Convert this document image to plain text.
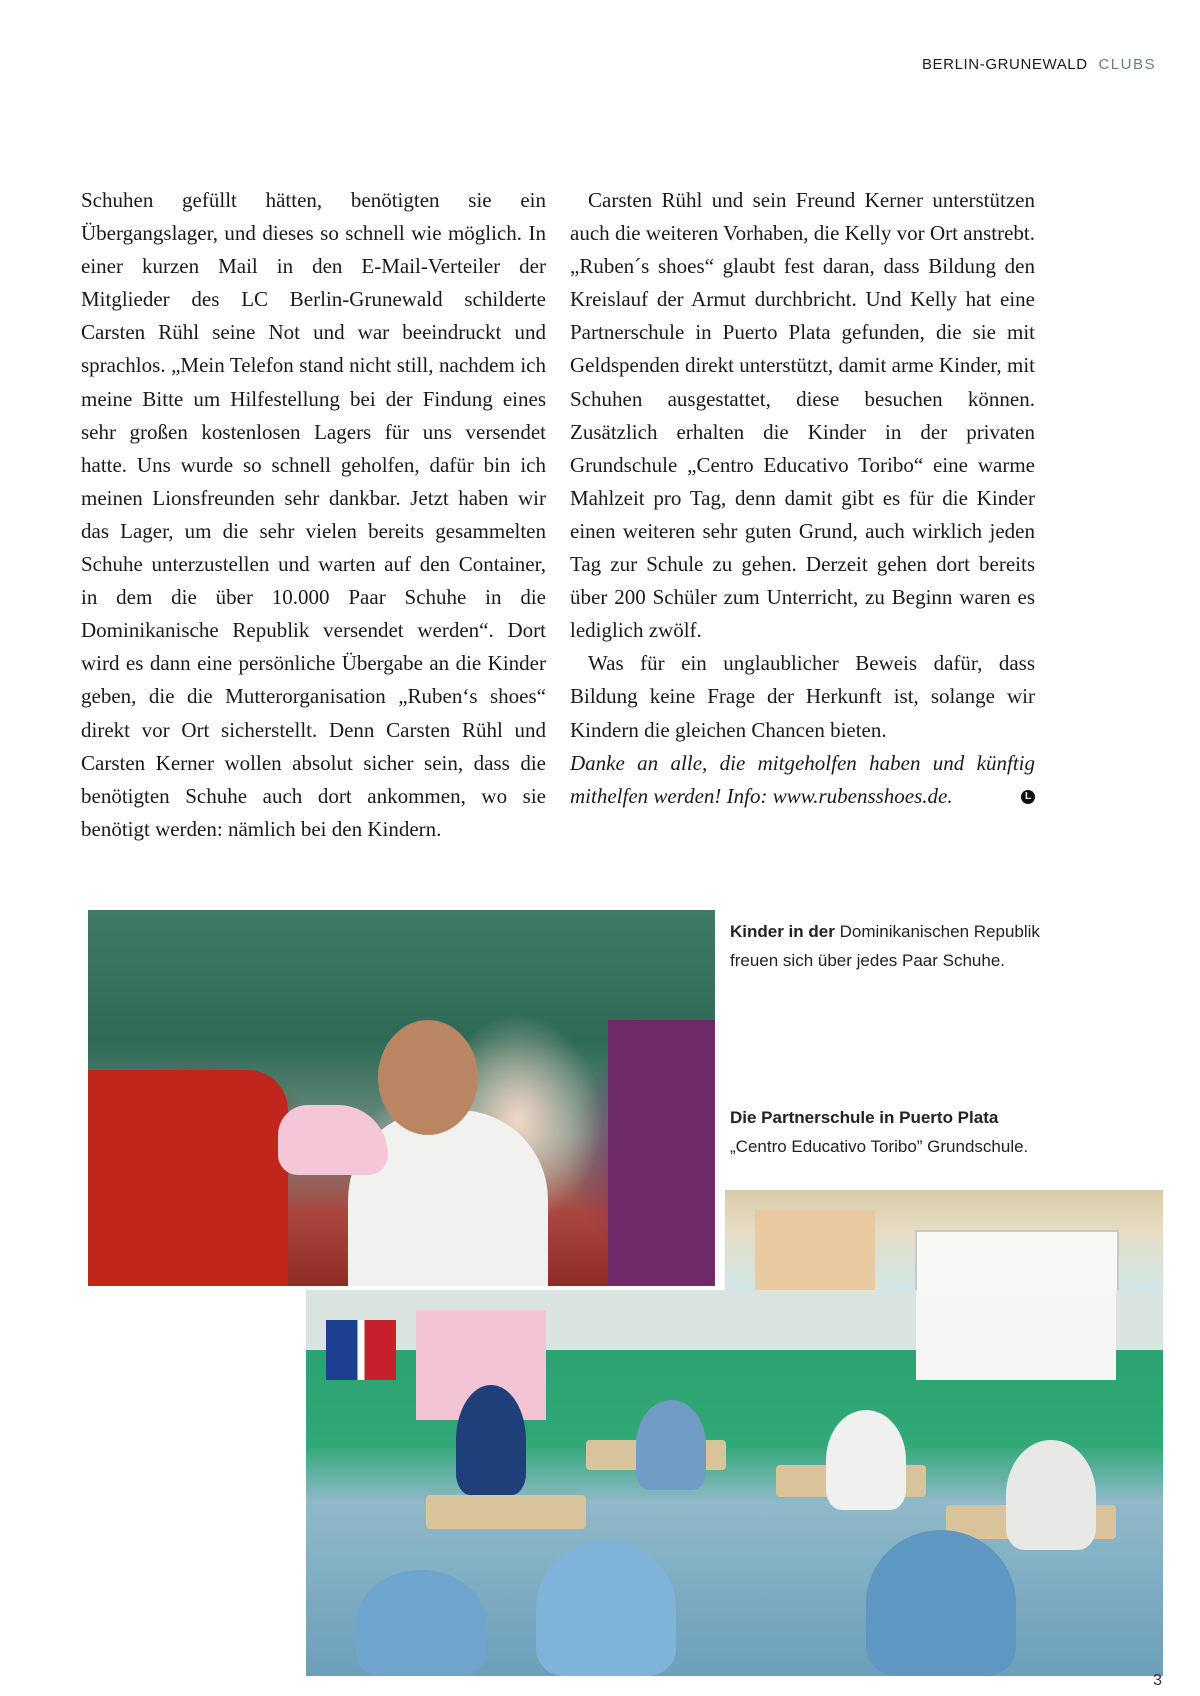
BERLIN-GRUNEWALD CLUBS

Schuhen gefüllt hätten, benötigten sie ein Übergangslager, und dieses so schnell wie möglich. In einer kurzen Mail in den E-Mail-Verteiler der Mitglieder des LC Berlin-Grunewald schilderte Carsten Rühl seine Not und war beeindruckt und sprachlos. „Mein Telefon stand nicht still, nachdem ich meine Bitte um Hilfestellung bei der Findung eines sehr großen kostenlosen Lagers für uns versendet hatte. Uns wurde so schnell geholfen, dafür bin ich meinen Lionsfreunden sehr dankbar. Jetzt haben wir das Lager, um die sehr vielen bereits gesammelten Schuhe unterzustellen und warten auf den Container, in dem die über 10.000 Paar Schuhe in die Dominikanische Republik versendet werden“. Dort wird es dann eine persönliche Übergabe an die Kinder geben, die die Mutterorganisation „Ruben‘s shoes“ direkt vor Ort sicherstellt. Denn Carsten Rühl und Carsten Kerner wollen absolut sicher sein, dass die benötigten Schuhe auch dort ankommen, wo sie benötigt werden: nämlich bei den Kindern.

Carsten Rühl und sein Freund Kerner unterstützen auch die weiteren Vorhaben, die Kelly vor Ort anstrebt. „Ruben´s shoes“ glaubt fest daran, dass Bildung den Kreislauf der Armut durchbricht. Und Kelly hat eine Partnerschule in Puerto Plata gefunden, die sie mit Geldspenden direkt unterstützt, damit arme Kinder, mit Schuhen ausgestattet, diese besuchen können. Zusätzlich erhalten die Kinder in der privaten Grundschule „Centro Educativo Toribo“ eine warme Mahlzeit pro Tag, denn damit gibt es für die Kinder einen weiteren sehr guten Grund, auch wirklich jeden Tag zur Schule zu gehen. Derzeit gehen dort bereits über 200 Schüler zum Unterricht, zu Beginn waren es lediglich zwölf.

Was für ein unglaublicher Beweis dafür, dass Bildung keine Frage der Herkunft ist, solange wir Kindern die gleichen Chancen bieten.

Danke an alle, die mitgeholfen haben und künftig mithelfen werden! Info: www.rubensshoes.de.	L

Kinder in der Dominikanischen Republik freuen sich über jedes Paar Schuhe.
Die Partnerschule in Puerto Plata
„Centro Educativo Toribo” Grundschule.
3
